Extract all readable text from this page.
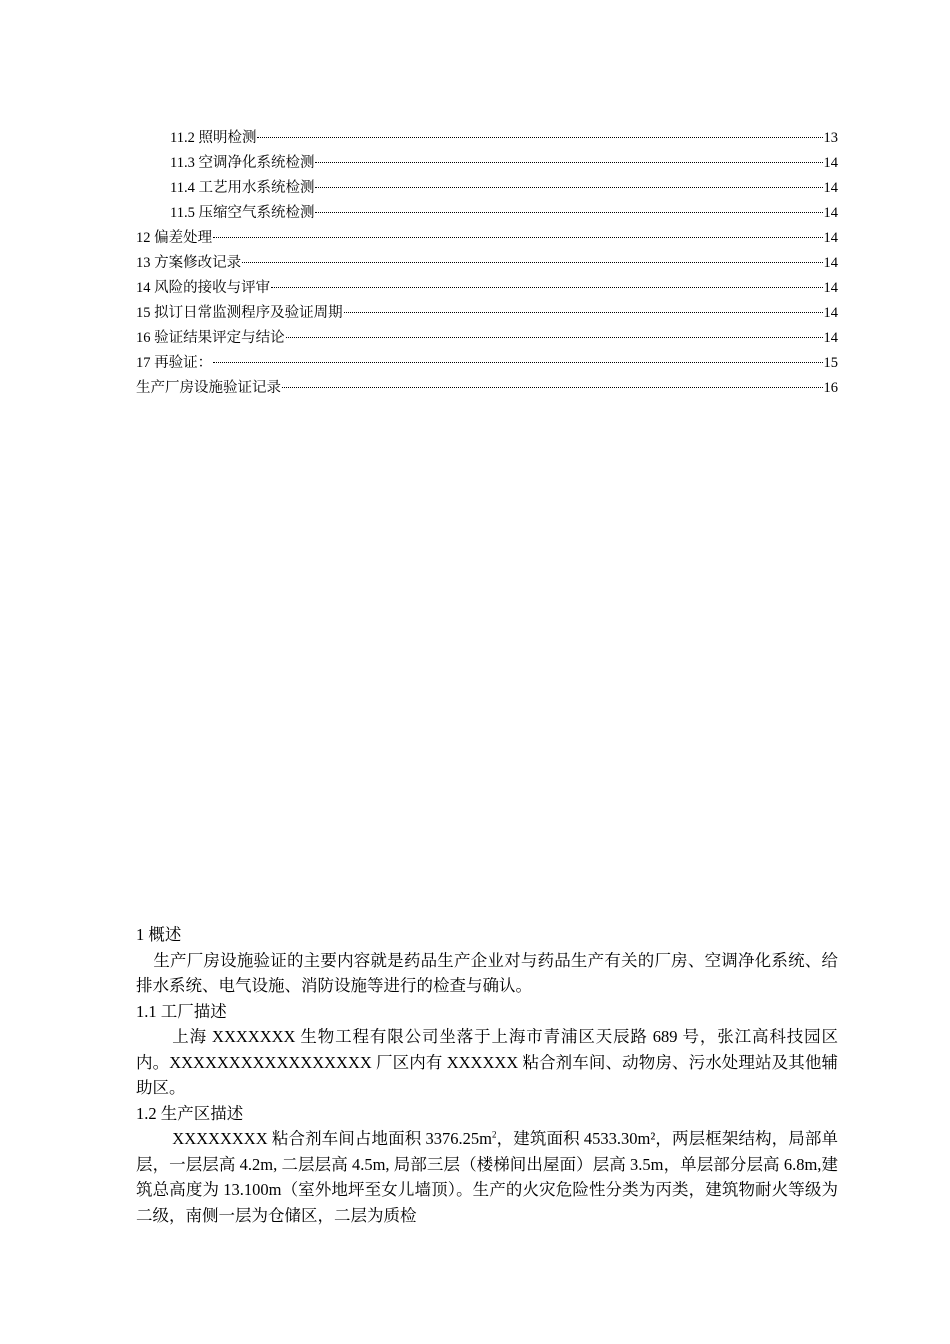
11.2 照明检测	13
11.3 空调净化系统检测	14
11.4 工艺用水系统检测	14
11.5 压缩空气系统检测	14
12 偏差处理	14
13 方案修改记录	14
14 风险的接收与评审	14
15 拟订日常监测程序及验证周期	14
16 验证结果评定与结论	14
17 再验证：	15
生产厂房设施验证记录	16

1 概述

生产厂房设施验证的主要内容就是药品生产企业对与药品生产有关的厂房、空调净化系统、给排水系统、电气设施、消防设施等进行的检查与确认。

1.1 工厂描述

上海 XXXXXXX 生物工程有限公司坐落于上海市青浦区天辰路 689 号，张江高科技园区内。XXXXXXXXXXXXXXXXX 厂区内有 XXXXXX 粘合剂车间、动物房、污水处理站及其他辅助区。

1.2 生产区描述

XXXXXXXX 粘合剂车间占地面积 $3376.25m^2$，建筑面积 4533.30m²，两层框架结构，局部单层，一层层高 4.2m, 二层层高 4.5m, 局部三层（楼梯间出屋面）层高 3.5m，单层部分层高 6.8m,建筑总高度为 13.100m（室外地坪至女儿墙顶）。生产的火灾危险性分类为丙类，建筑物耐火等级为二级，南侧一层为仓储区，二层为质检
